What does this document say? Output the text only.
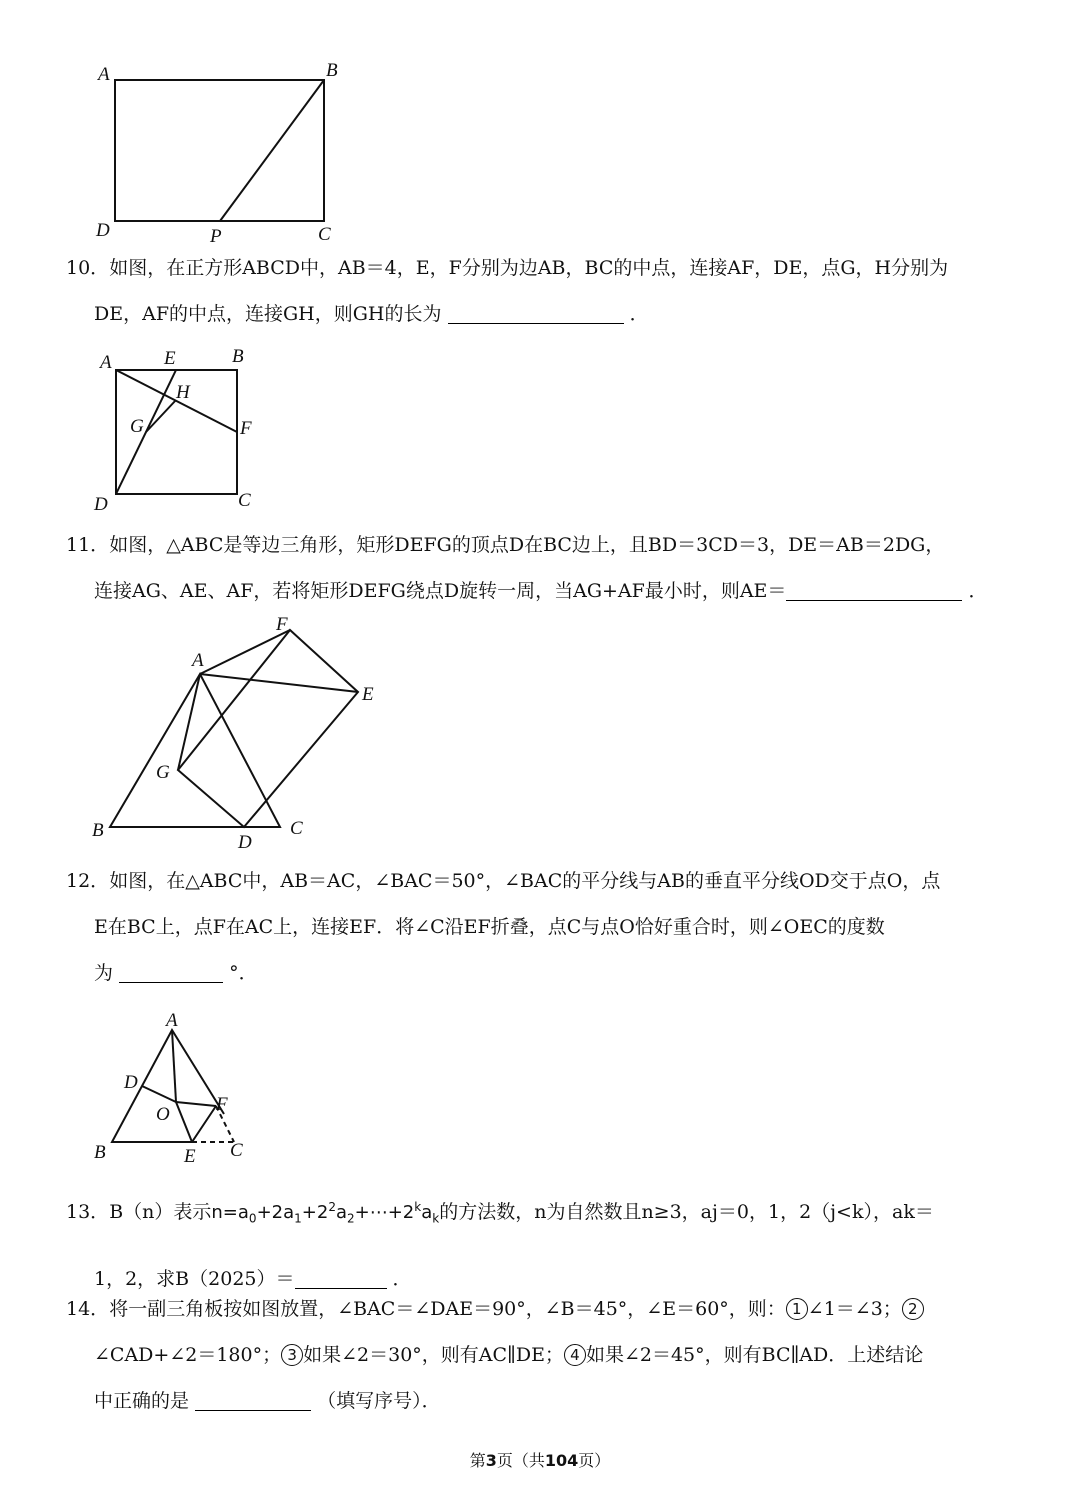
A	B
D	P	C
10．如图，在正方形ABCD中，AB＝4，E，F分别为边AB，BC的中点，连接AF，DE，点G，H分别为
DE，AF的中点，连接GH，则GH的长为	．
A	E	B
H
G	F
D	C
11．如图，△ABC是等边三角形，矩形DEFG的顶点D在BC边上，且BD＝3CD＝3，DE＝AB＝2DG，
连接AG、AE、AF，若将矩形DEFG绕点D旋转一周，当AG+AF最小时，则AE＝	．
F
A
E
G
B
D
C
12．如图，在△ABC中，AB＝AC，∠BAC＝50°，∠BAC的平分线与AB的垂直平分线OD交于点O，点
E在BC上，点F在AC上，连接EF．将∠C沿EF折叠，点C与点O恰好重合时，则∠OEC的度数
为	°．
A
D
O F
B	E C
13．B（n）表示$n=a_0+2a_1+2^2a_2+\cdots+2^ka_k$的方法数，n为自然数且n≥3，aj＝0，1，2（j<k），ak＝
1，2，求B（2025）＝	．
14．将一副三角板按如图放置，∠BAC＝∠DAE＝90°，∠B＝45°，∠E＝60°，则： 1 ∠1＝∠3； 2
∠CAD+∠2＝180°； 3 如果∠2＝30°，则有AC∥DE； 4 如果∠2＝45°，则有BC∥AD．上述结论
中正确的是	（填写序号）．
第3页（共104页）
